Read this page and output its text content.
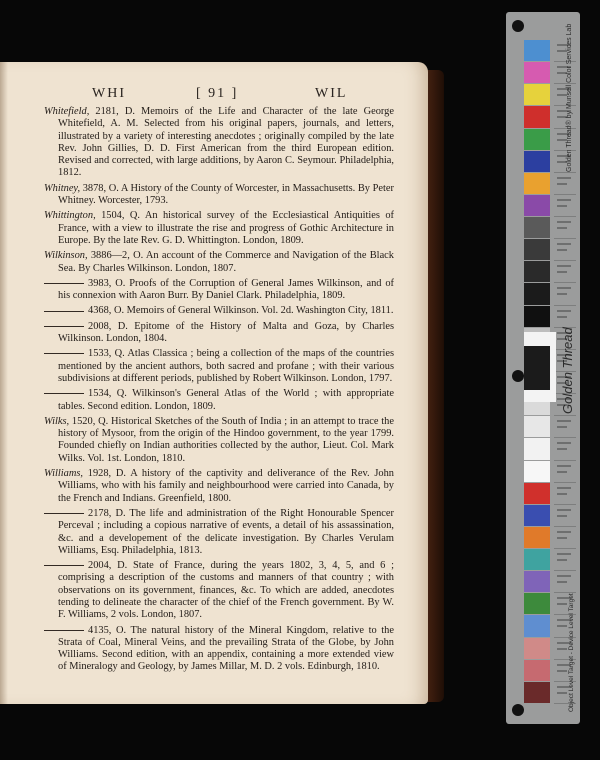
WHI	[ 91 ]	WIL
Whitefield, 2181, D. Memoirs of the Life and Character of the late George Whitefield, A. M. Selected from his original papers, journals, and letters, illustrated by a variety of interesting anecdotes ; originally compiled by the late Rev. John Gillies, D. D. First American from the third European edition. Revised and corrected, with large additions, by Aaron C. Seymour. Philadelphia, 1812.
Whitney, 3878, O. A History of the County of Worcester, in Massachusetts. By Peter Whitney. Worcester, 1793.
Whittington, 1504, Q. An historical survey of the Ecclesiastical Antiquities of France, with a view to illustrate the rise and progress of Gothic Architecture in Europe. By the late Rev. G. D. Whittington. London, 1809.
Wilkinson, 3886—2, O. An account of the Commerce and Navigation of the Black Sea. By Charles Wilkinson. London, 1807.
3983, O. Proofs of the Corruption of General James Wilkinson, and of his connexion with Aaron Burr. By Daniel Clark. Philadelphia, 1809.
4368, O. Memoirs of General Wilkinson. Vol. 2d. Washington City, 1811.
2008, D. Epitome of the History of Malta and Goza, by Charles Wilkinson. London, 1804.
1533, Q. Atlas Classica ; being a collection of the maps of the countries mentioned by the ancient authors, both sacred and profane ; with their various subdivisions at different periods, published by Robert Wilkinson. London, 1797.
1534, Q. Wilkinson's General Atlas of the World ; with appropriate tables. Second edition. London, 1809.
Wilks, 1520, Q. Historical Sketches of the South of India ; in an attempt to trace the history of Mysoor, from the origin of the Hindoo government, to the year 1799. Founded chiefly on Indian authorities collected by the author, Lieut. Col. Mark Wilks. Vol. 1st. London, 1810.
Williams, 1928, D. A history of the captivity and deliverance of the Rev. John Williams, who with his family and neighbourhood were carried into Canada, by the French and Indians. Greenfield, 1800.
2178, D. The life and administration of the Right Honourable Spencer Perceval ; including a copious narrative of events, a detail of his assassination, &c. and a developement of the delicate investigation. By Charles Verulam Williams, Esq. Philadelphia, 1813.
2004, D. State of France, during the years 1802, 3, 4, 5, and 6 ; comprising a description of the customs and manners of that country ; with observations on its government, finances, &c. To which are added, anecdotes tending to delineate the character of the chief of the French government. By W. F. Williams, 2 vols. London, 1807.
4135, O. The natural history of the Mineral Kingdom, relative to the Strata of Coal, Mineral Veins, and the prevailing Strata of the Globe, by John Williams. Second edition, with an appendix, containing a more extended view of Mineralogy and Geology, by James Millar, M. D. 2 vols. Edinburgh, 1810.
Golden Thread® by Munsell Color Services Lab
Golden Thread
Object Level Target - Device Level Target
